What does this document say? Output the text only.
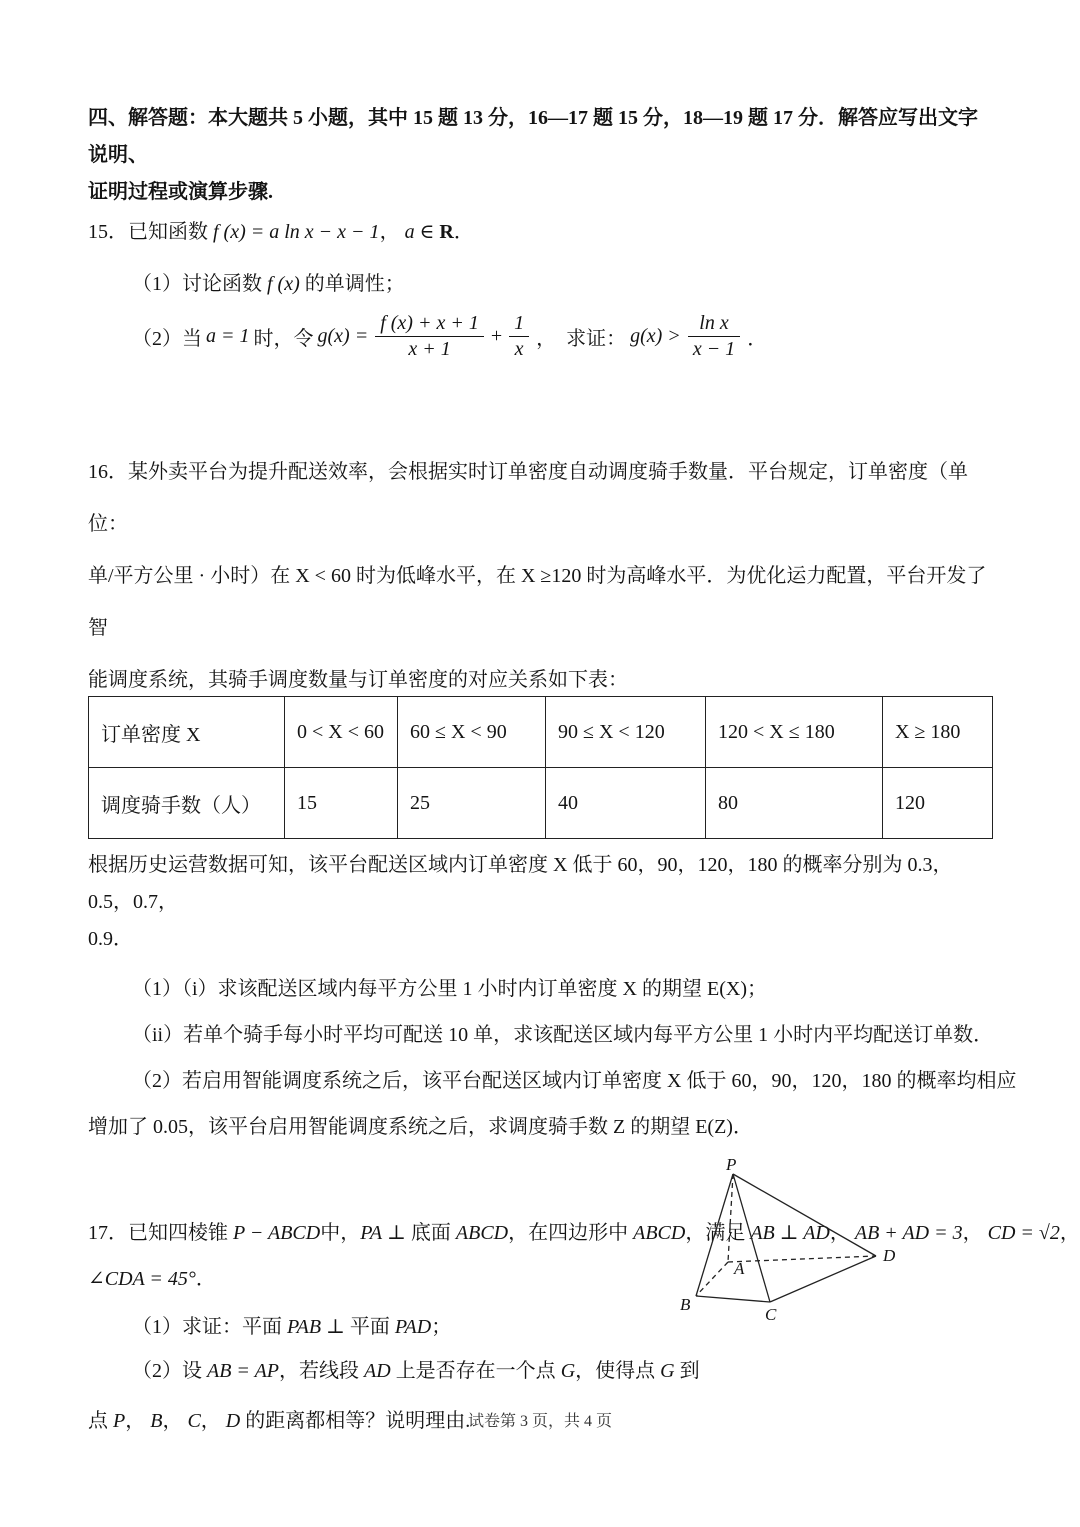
四、解答题：本大题共 5 小题，其中 15 题 13 分，16—17 题 15 分，18—19 题 17 分．解答应写出文字说明、
证明过程或演算步骤.
15．已知函数 f (x) = a ln x − x − 1， a ∈ R．
（1）讨论函数 f (x) 的单调性；
（2）当 a = 1 时，令 $g(x) = \frac{f (x) + x + 1}{x + 1} + \frac{1}{x}$ ，　求证： $g(x) > \frac{\text{ln x}}{x - 1}$ ．
16．某外卖平台为提升配送效率，会根据实时订单密度自动调度骑手数量．平台规定，订单密度（单位：
单/平方公里 · 小时）在 X < 60 时为低峰水平，在 X ≥120 时为高峰水平．为优化运力配置，平台开发了智
能调度系统，其骑手调度数量与订单密度的对应关系如下表：
订单密度 X	0 < X < 60	60 ≤ X < 90	90 ≤ X < 120	120 < X ≤ 180	X ≥ 180
调度骑手数（人）	15	25	40	80	120
根据历史运营数据可知，该平台配送区域内订单密度 X 低于 60，90，120，180 的概率分别为 0.3，0.5，0.7，
0.9．
（1）（i）求该配送区域内每平方公里 1 小时内订单密度 X 的期望 E(X)；
（ii）若单个骑手每小时平均可配送 10 单，求该配送区域内每平方公里 1 小时内平均配送订单数．
（2）若启用智能调度系统之后，该平台配送区域内订单密度 X 低于 60，90，120，180 的概率均相应
增加了 0.05，该平台启用智能调度系统之后，求调度骑手数 Z 的期望 E(Z)．
17．已知四棱锥 P − ABCD中，PA ⊥ 底面 ABCD，在四边形中 ABCD，满足 AB ⊥ AD， AB + AD = 3， CD = √2，
∠CDA = 45°．
（1）求证：平面 PAB ⊥ 平面 PAD；
（2）设 AB = AP，若线段 AD 上是否存在一个点 G，使得点 G 到
点 P， B， C， D 的距离都相等？说明理由.
P
A
B
C
D
试卷第 3 页，共 4 页
